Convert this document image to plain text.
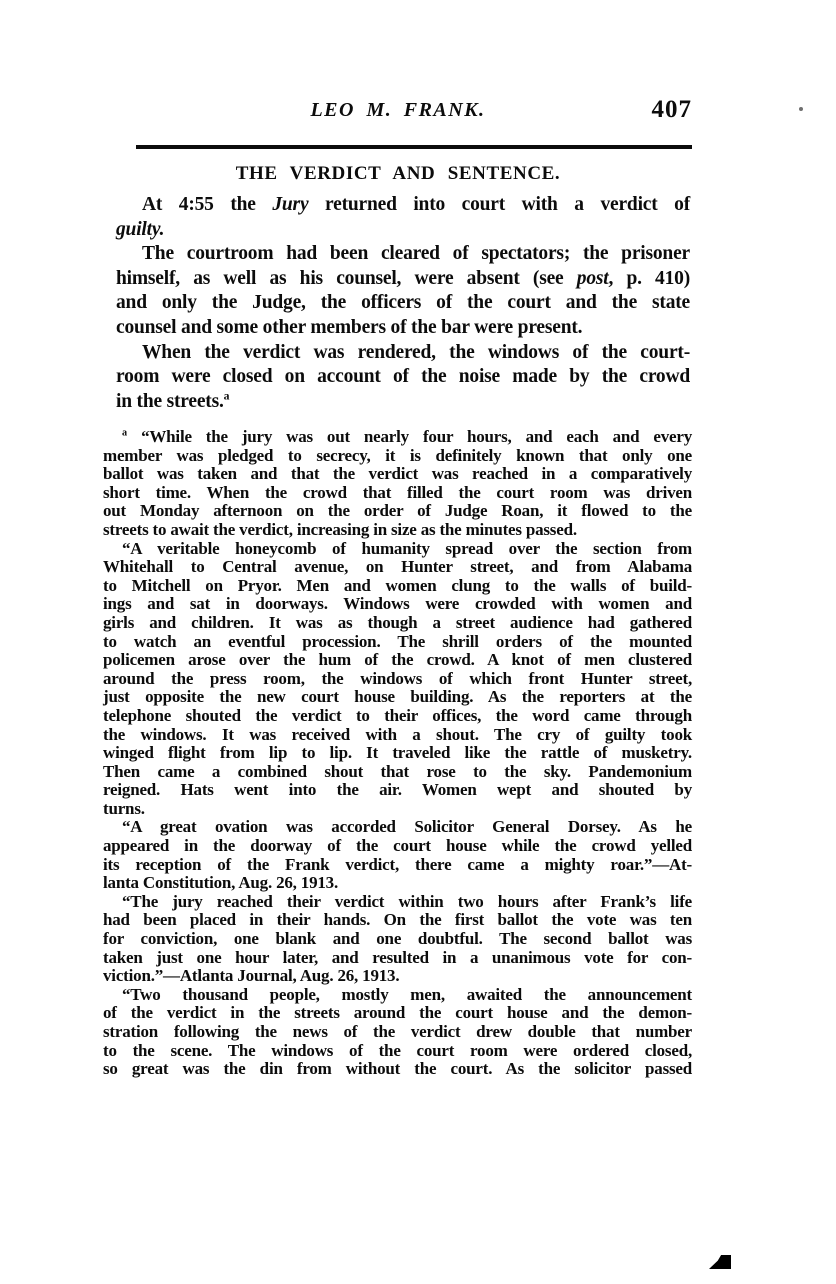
LEO M. FRANK.	407
THE VERDICT AND SENTENCE.
At 4:55 the Jury returned into court with a verdict of
guilty.
The courtroom had been cleared of spectators; the prisoner
himself, as well as his counsel, were absent (see post, p. 410)
and only the Judge, the officers of the court and the state
counsel and some other members of the bar were present.
When the verdict was rendered, the windows of the court-
room were closed on account of the noise made by the crowd
in the streets.$^a$
$^a$ “While the jury was out nearly four hours, and each and every
member was pledged to secrecy, it is definitely known that only one
ballot was taken and that the verdict was reached in a comparatively
short time. When the crowd that filled the court room was driven
out Monday afternoon on the order of Judge Roan, it flowed to the
streets to await the verdict, increasing in size as the minutes passed.
“A veritable honeycomb of humanity spread over the section from
Whitehall to Central avenue, on Hunter street, and from Alabama
to Mitchell on Pryor. Men and women clung to the walls of build-
ings and sat in doorways. Windows were crowded with women and
girls and children. It was as though a street audience had gathered
to watch an eventful procession. The shrill orders of the mounted
policemen arose over the hum of the crowd. A knot of men clustered
around the press room, the windows of which front Hunter street,
just opposite the new court house building. As the reporters at the
telephone shouted the verdict to their offices, the word came through
the windows. It was received with a shout. The cry of guilty took
winged flight from lip to lip. It traveled like the rattle of musketry.
Then came a combined shout that rose to the sky. Pandemonium
reigned. Hats went into the air. Women wept and shouted by
turns.
“A great ovation was accorded Solicitor General Dorsey. As he
appeared in the doorway of the court house while the crowd yelled
its reception of the Frank verdict, there came a mighty roar.”—At-
lanta Constitution, Aug. 26, 1913.
“The jury reached their verdict within two hours after Frank’s life
had been placed in their hands. On the first ballot the vote was ten
for conviction, one blank and one doubtful. The second ballot was
taken just one hour later, and resulted in a unanimous vote for con-
viction.”—Atlanta Journal, Aug. 26, 1913.
“Two thousand people, mostly men, awaited the announcement
of the verdict in the streets around the court house and the demon-
stration following the news of the verdict drew double that number
to the scene. The windows of the court room were ordered closed,
so great was the din from without the court. As the solicitor passed
